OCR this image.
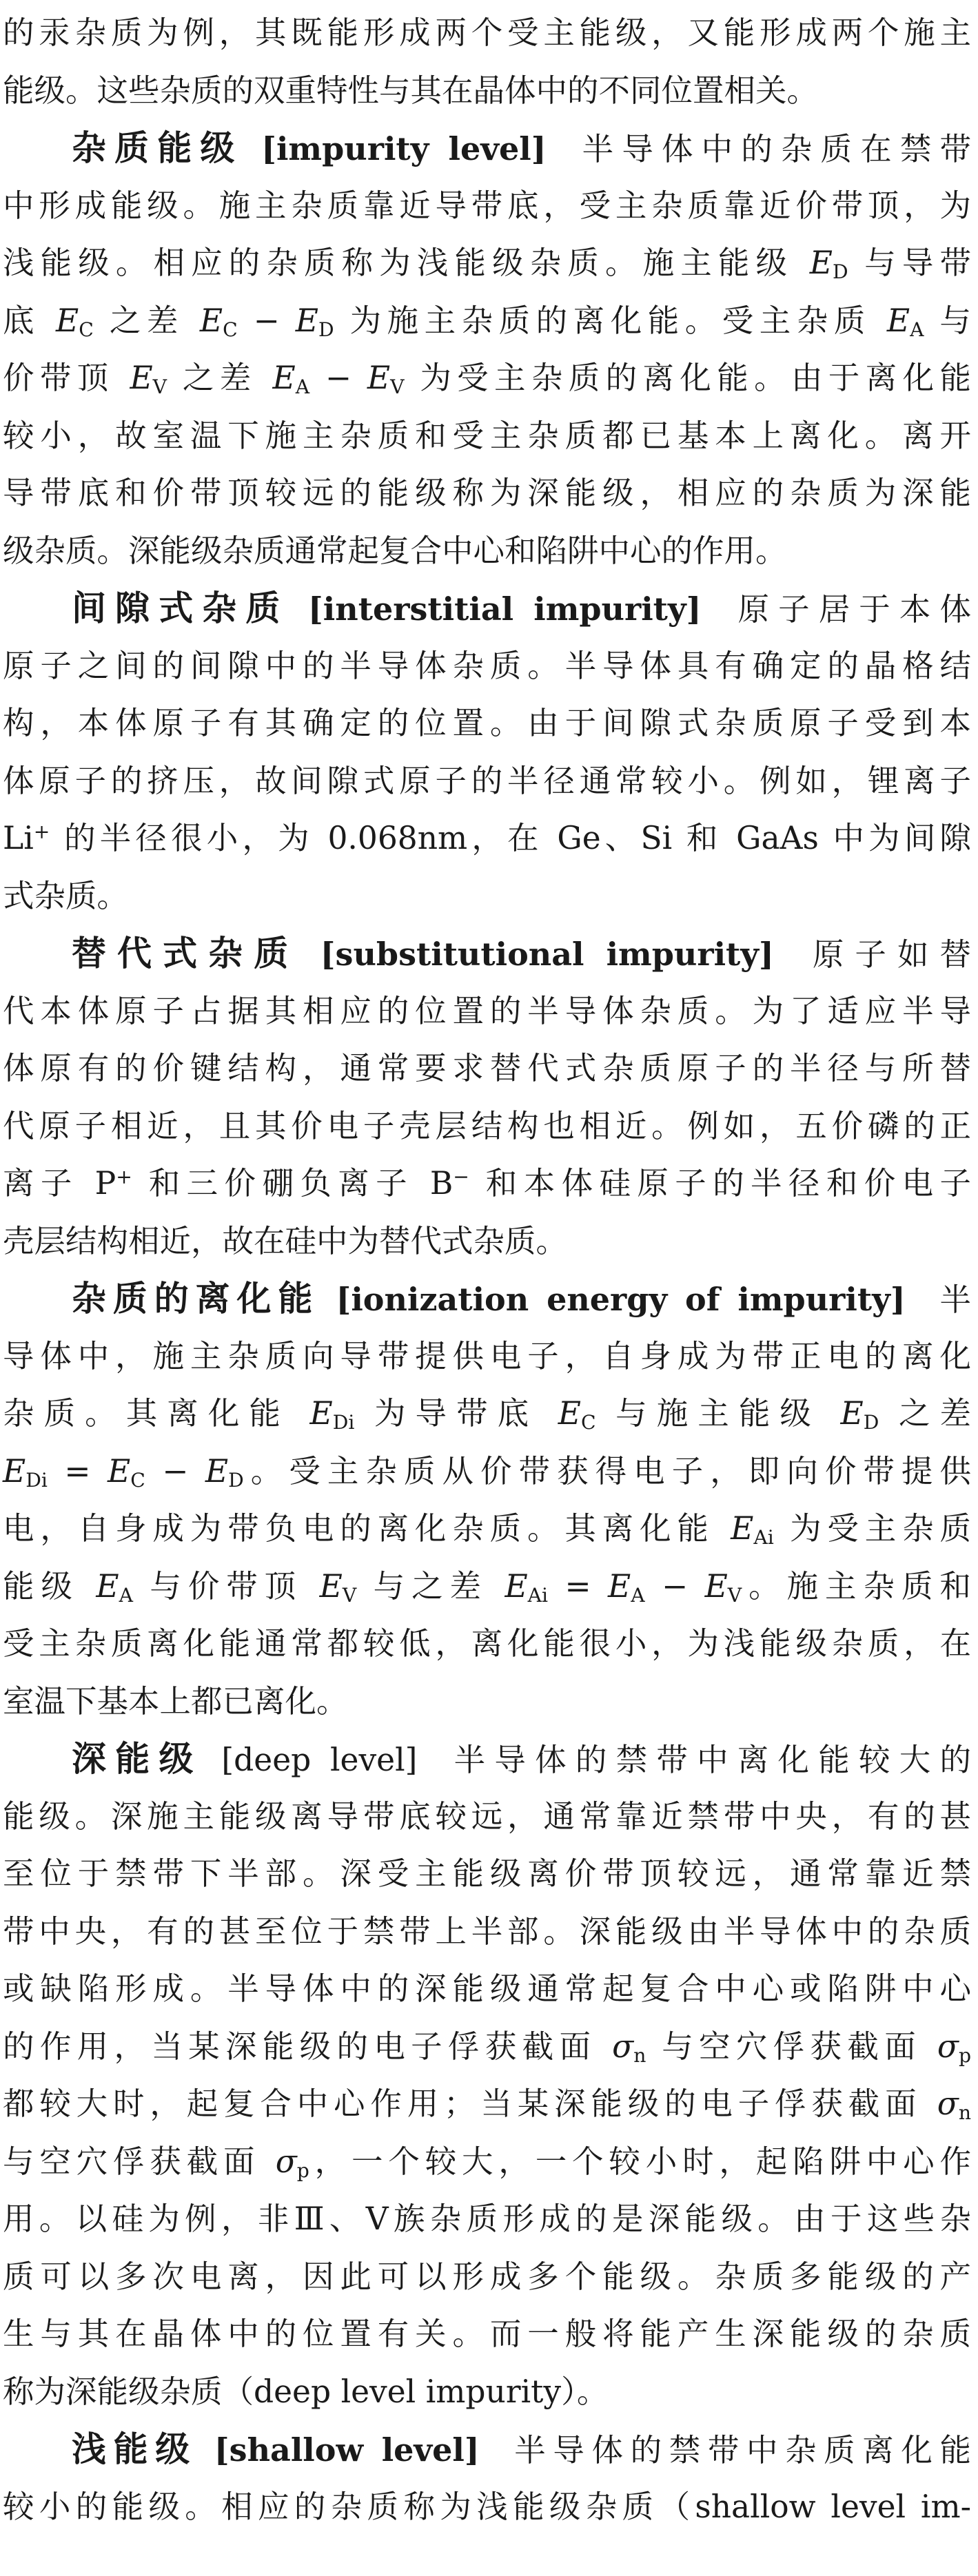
的汞杂质为例，其既能形成两个受主能级，又能形成两个施主
能级。这些杂质的双重特性与其在晶体中的不同位置相关。
杂质能级 [impurity level] 半导体中的杂质在禁带
中形成能级。施主杂质靠近导带底，受主杂质靠近价带顶，为
浅能级。相应的杂质称为浅能级杂质。施主能级 $E_D$ 与导带
底 $E_C$ 之差 $E_C - E_D$ 为施主杂质的离化能。受主杂质 $E_A$ 与
价带顶 $E_V$ 之差 $E_A - E_V$ 为受主杂质的离化能。由于离化能
较小，故室温下施主杂质和受主杂质都已基本上离化。离开
导带底和价带顶较远的能级称为深能级，相应的杂质为深能
级杂质。深能级杂质通常起复合中心和陷阱中心的作用。
间隙式杂质 [interstitial impurity] 原子居于本体
原子之间的间隙中的半导体杂质。半导体具有确定的晶格结
构，本体原子有其确定的位置。由于间隙式杂质原子受到本
体原子的挤压，故间隙式原子的半径通常较小。例如，锂离子
Li+ 的半径很小，为 0.068nm，在 Ge、Si 和 GaAs 中为间隙
式杂质。
替代式杂质 [substitutional impurity] 原子如替
代本体原子占据其相应的位置的半导体杂质。为了适应半导
体原有的价键结构，通常要求替代式杂质原子的半径与所替
代原子相近，且其价电子壳层结构也相近。例如，五价磷的正
离子 P+ 和三价硼负离子 B− 和本体硅原子的半径和价电子
壳层结构相近，故在硅中为替代式杂质。
杂质的离化能 [ionization energy of impurity] 半
导体中，施主杂质向导带提供电子，自身成为带正电的离化
杂质。其离化能 $E_{Di}$ 为导带底 $E_C$ 与施主能级 $E_D$ 之差
$E_{Di} = E_C - E_D$。受主杂质从价带获得电子，即向价带提供
电，自身成为带负电的离化杂质。其离化能 $E_{Ai}$ 为受主杂质
能级 $E_A$ 与价带顶 $E_V$ 与之差 $E_{Ai} = E_A - E_V$。施主杂质和
受主杂质离化能通常都较低，离化能很小，为浅能级杂质，在
室温下基本上都已离化。
深能级 [deep level] 半导体的禁带中离化能较大的
能级。深施主能级离导带底较远，通常靠近禁带中央，有的甚
至位于禁带下半部。深受主能级离价带顶较远，通常靠近禁
带中央，有的甚至位于禁带上半部。深能级由半导体中的杂质
或缺陷形成。半导体中的深能级通常起复合中心或陷阱中心
的作用，当某深能级的电子俘获截面 $\sigma_n$ 与空穴俘获截面 $\sigma_p$
都较大时，起复合中心作用；当某深能级的电子俘获截面 $\sigma_n$
与空穴俘获截面 $\sigma_p$，一个较大，一个较小时，起陷阱中心作
用。以硅为例，非Ⅲ、Ⅴ族杂质形成的是深能级。由于这些杂
质可以多次电离，因此可以形成多个能级。杂质多能级的产
生与其在晶体中的位置有关。而一般将能产生深能级的杂质
称为深能级杂质（deep level impurity）。
浅能级 [shallow level] 半导体的禁带中杂质离化能
较小的能级。相应的杂质称为浅能级杂质（shallow level im-
